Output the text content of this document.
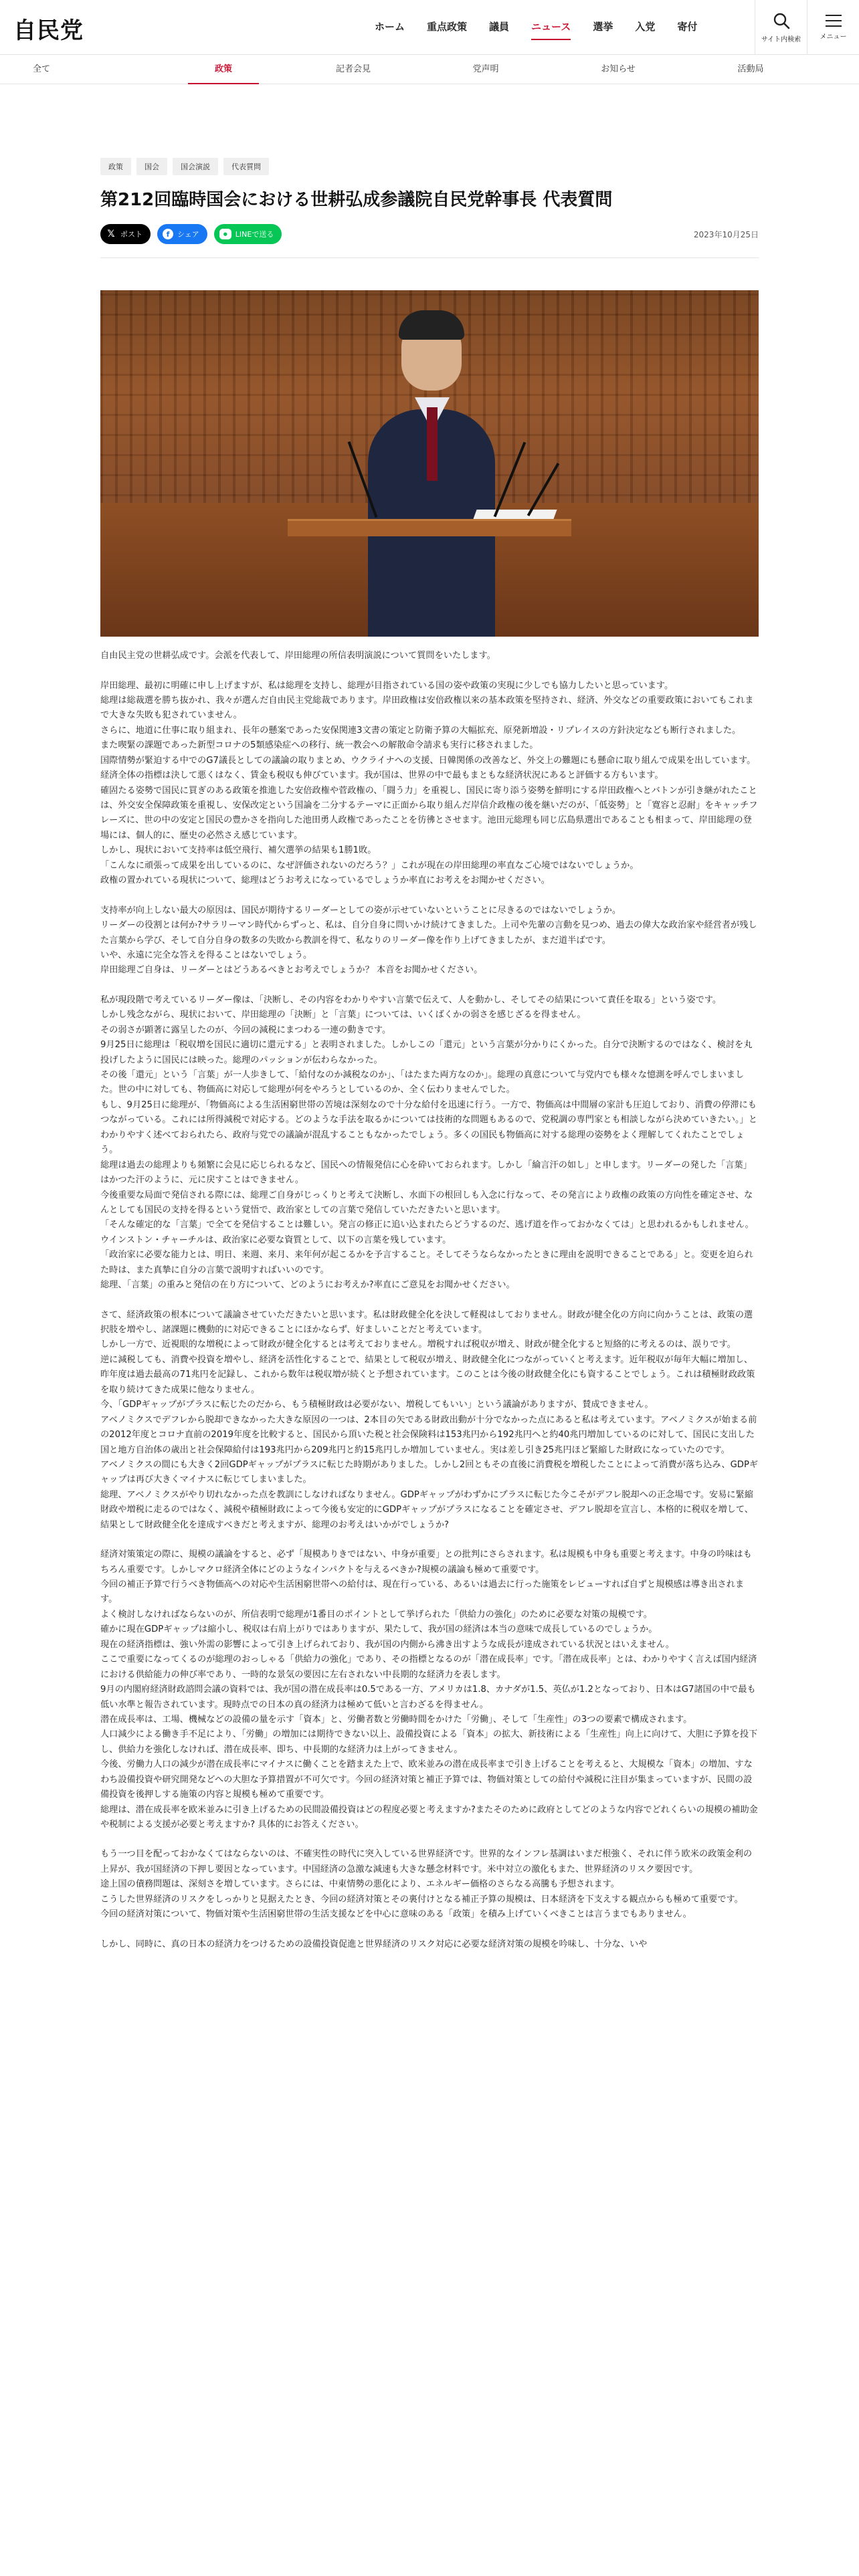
自民党	ホーム 重点政策 議員 ニュース 選挙 入党 寄付
サイト内検索	メニュー
全て	政策	記者会見	党声明	お知らせ	活動局
政策	国会	国会演説	代表質問
第212回臨時国会における世耕弘成参議院自民党幹事長 代表質問
𝕏 ポスト	f	シェア	●	LINEで送る	2023年10月25日

自由民主党の世耕弘成です。会派を代表して、岸田総理の所信表明演説について質問をいたします。

岸田総理、最初に明確に申し上げますが、私は総理を支持し、総理が目指されている国の姿や政策の実現に少しでも協力したいと思っています。
総理は総裁選を勝ち抜かれ、我々が選んだ自由民主党総裁であります。岸田政権は安倍政権以来の基本政策を堅持され、経済、外交などの重要政策においてもこれまで大きな失敗も犯されていません。
さらに、地道に仕事に取り組まれ、長年の懸案であった安保関連3文書の策定と防衛予算の大幅拡充、原発新増設・リプレイスの方針決定なども断行されました。
また喫緊の課題であった新型コロナの5類感染症への移行、統一教会への解散命令請求も実行に移されました。
国際情勢が緊迫する中でのG7議長としての議論の取りまとめ、ウクライナへの支援、日韓関係の改善など、外交上の難題にも懸命に取り組んで成果を出しています。経済全体の指標は決して悪くはなく、賃金も税収も伸びています。我が国は、世界の中で最もまともな経済状況にあると評価する方もいます。
確固たる姿勢で国民に買ぎのある政策を推進した安倍政権や菅政権の、「闘う力」を重視し、国民に寄り添う姿勢を鮮明にする岸田政権へとバトンが引き継がれたことは、外交安全保障政策を重視し、安保改定という国論を二分するテーマに正面から取り組んだ岸信介政権の後を継いだのが、「低姿勢」と「寛容と忍耐」をキャッチフレーズに、世の中の安定と国民の豊かさを指向した池田勇人政権であったことを彷彿とさせます。池田元総理も同じ広島県選出であることも相まって、岸田総理の登場には、個人的に、歴史の必然さえ感じています。
しかし、現状において支持率は低空飛行、補欠選挙の結果も1勝1敗。
「こんなに頑張って成果を出しているのに、なぜ評価されないのだろう？」これが現在の岸田総理の率直なご心境ではないでしょうか。
政権の置かれている現状について、総理はどうお考えになっているでしょうか率直にお考えをお聞かせください。

支持率が向上しない最大の原因は、国民が期待するリーダーとしての姿が示せていないということに尽きるのではないでしょうか。
リーダーの役割とは何か?サラリーマン時代からずっと、私は、自分自身に問いかけ続けてきました。上司や先輩の言動を見つめ、過去の偉大な政治家や経営者が残した言葉から学び、そして自分自身の数多の失敗から教訓を得て、私なりのリーダー像を作り上げてきましたが、まだ道半ばです。
いや、永遠に完全な答えを得ることはないでしょう。
岸田総理ご自身は、リーダーとはどうあるべきとお考えでしょうか？ 本音をお聞かせください。

私が現段階で考えているリーダー像は、「決断し、その内容をわかりやすい言葉で伝えて、人を動かし、そしてその結果について責任を取る」という姿です。
しかし残念ながら、現状において、岸田総理の「決断」と「言葉」については、いくばくかの弱さを感じざるを得ません。
その弱さが顕著に露呈したのが、今回の減税にまつわる一連の動きです。
9月25日に総理は「税収増を国民に適切に還元する」と表明されました。しかしこの「還元」という言葉が分かりにくかった。自分で決断するのではなく、検討を丸投げしたように国民には映った。総理のパッションが伝わらなかった。
その後「還元」という「言葉」が一人歩きして、「給付なのか減税なのか」、「はたまた両方なのか」。総理の真意について与党内でも様々な憶測を呼んでしまいました。世の中に対しても、物価高に対応して総理が何をやろうとしているのか、全く伝わりませんでした。
もし、9月25日に総理が、「物価高による生活困窮世帯の苦境は深刻なので十分な給付を迅速に行う。一方で、物価高は中間層の家計も圧迫しており、消費の停滞にもつながっている。これには所得減税で対応する。どのような手法を取るかについては技術的な問題もあるので、党税調の専門家とも相談しながら決めていきたい。」とわかりやすく述べておられたら、政府与党での議論が混乱することもなかったでしょう。多くの国民も物価高に対する総理の姿勢をよく理解してくれたことでしょう。
総理は過去の総理よりも頻繁に会見に応じられるなど、国民への情報発信に心を砕いておられます。しかし「綸言汗の如し」と申します。リーダーの発した「言葉」はかつた汗のように、元に戻すことはできません。
今後重要な局面で発信される際には、総理ご自身がじっくりと考えて決断し、水面下の根回しも入念に行なって、その発言により政権の政策の方向性を確定させ、なんとしても国民の支持を得るという覚悟で、政治家としての言葉で発信していただきたいと思います。
「そんな確定的な「言葉」で全てを発信することは難しい。発言の修正に追い込まれたらどうするのだ、逃げ道を作っておかなくては」と思われるかもしれません。
ウインストン・チャーチルは、政治家に必要な資質として、以下の言葉を残しています。
「政治家に必要な能力とは、明日、来週、来月、来年何が起こるかを予言すること。そしてそうならなかったときに理由を説明できることである」と。変更を迫られた時は、また真摯に自分の言葉で説明すればいいのです。
総理、「言葉」の重みと発信の在り方について、どのようにお考えか?率直にご意見をお聞かせください。

さて、経済政策の根本について議論させていただきたいと思います。私は財政健全化を決して軽視はしておりません。財政が健全化の方向に向かうことは、政策の選択肢を増やし、諸課題に機動的に対応できることにほかならず、好ましいことだと考えています。
しかし一方で、近視眼的な増税によって財政が健全化するとは考えておりません。増税すれば税収が増え、財政が健全化すると短絡的に考えるのは、誤りです。
逆に減税しても、消費や投資を増やし、経済を活性化することで、結果として税収が増え、財政健全化につながっていくと考えます。近年税収が毎年大幅に増加し、昨年度は過去最高の71兆円を記録し、これから数年は税収増が続くと予想されています。このことは今後の財政健全化にも資することでしょう。これは積極財政政策を取り続けてきた成果に他なりません。
今、「GDPギャップがプラスに転じたのだから、もう積極財政は必要がない、増税してもいい」という議論がありますが、賛成できません。
アベノミクスでデフレから脱却できなかった大きな原因の一つは、2本目の矢である財政出動が十分でなかった点にあると私は考えています。アベノミクスが始まる前の2012年度とコロナ直前の2019年度を比較すると、国民から頂いた税と社会保険料は153兆円から192兆円へと約40兆円増加しているのに対して、国民に支出した国と地方自治体の歳出と社会保障給付は193兆円から209兆円と約15兆円しか増加していません。実は差し引き25兆円ほど緊縮した財政になっていたのです。
アベノミクスの間にも大きく2回GDPギャップがプラスに転じた時期がありました。しかし2回ともその直後に消費税を増税したことによって消費が落ち込み、GDPギャップは再び大きくマイナスに転じてしまいました。
総理、アベノミクスがやり切れなかった点を教訓にしなければなりません。GDPギャップがわずかにプラスに転じた今こそがデフレ脱却への正念場です。安易に緊縮財政や増税に走るのではなく、減税や積極財政によって今後も安定的にGDPギャップがプラスになることを確定させ、デフレ脱却を宣言し、本格的に税収を増して、結果として財政健全化を達成すべきだと考えますが、総理のお考えはいかがでしょうか?

経済対策策定の際に、規模の議論をすると、必ず「規模ありきではない、中身が重要」との批判にさらされます。私は規模も中身も重要と考えます。中身の吟味はもちろん重要です。しかしマクロ経済全体にどのようなインパクトを与えるべきか?規模の議論も極めて重要です。
今回の補正予算で行うべき物価高への対応や生活困窮世帯への給付は、現在行っている、あるいは過去に行った施策をレビューすれば自ずと規模感は導き出されます。
よく検討しなければならないのが、所信表明で総理が1番目のポイントとして挙げられた「供給力の強化」のために必要な対策の規模です。
確かに現在GDPギャップは縮小し、税収は右肩上がりではありますが、果たして、我が国の経済は本当の意味で成長しているのでしょうか。
現在の経済指標は、強い外需の影響によって引き上げられており、我が国の内側から沸き出すような成長が達成されている状況とはいえません。
ここで重要になってくるのが総理のおっしゃる「供給力の強化」であり、その指標となるのが「潜在成長率」です。「潜在成長率」とは、わかりやすく言えば国内経済における供給能力の伸び率であり、一時的な景気の要因に左右されない中長期的な経済力を表します。
9月の内閣府経済財政諮問会議の資料では、我が国の潜在成長率は0.5である一方、アメリカは1.8、カナダが1.5、英仏が1.2となっており、日本はG7諸国の中で最も低い水準と報告されています。現時点での日本の真の経済力は極めて低いと言わざるを得ません。
潜在成長率は、工場、機械などの設備の量を示す「資本」と、労働者数と労働時間をかけた「労働」、そして「生産性」の3つの要素で構成されます。
人口減少による働き手不足により、「労働」の増加には期待できない以上、設備投資による「資本」の拡大、新技術による「生産性」向上に向けて、大胆に予算を投下し、供給力を強化しなければ、潜在成長率、即ち、中長期的な経済力は上がってきません。
今後、労働力人口の減少が潜在成長率にマイナスに働くことを踏まえた上で、欧米並みの潜在成長率まで引き上げることを考えると、大規模な「資本」の増加、すなわち設備投資や研究開発などへの大胆な予算措置が不可欠です。今回の経済対策と補正予算では、物価対策としての給付や減税に注目が集まっていますが、民間の設備投資を後押しする施策の内容と規模も極めて重要です。
総理は、潜在成長率を欧米並みに引き上げるための民間設備投資はどの程度必要と考えますか?またそのために政府としてどのような内容でどれくらいの規模の補助金や税制による支援が必要と考えますか? 具体的にお答えください。

もう一つ目を配っておかなくてはならないのは、不確実性の時代に突入している世界経済です。世界的なインフレ基調はいまだ根強く、それに伴う欧米の政策金利の上昇が、我が国経済の下押し要因となっています。中国経済の急激な減速も大きな懸念材料です。米中対立の激化もまた、世界経済のリスク要因です。
途上国の債務問題は、深刻さを増しています。さらには、中東情勢の悪化により、エネルギー価格のさらなる高騰も予想されます。
こうした世界経済のリスクをしっかりと見据えたとき、今回の経済対策とその裏付けとなる補正予算の規模は、日本経済を下支えする観点からも極めて重要です。
今回の経済対策について、物価対策や生活困窮世帯の生活支援などを中心に意味のある「政策」を積み上げていくべきことは言うまでもありません。

しかし、同時に、真の日本の経済力をつけるための設備投資促進と世界経済のリスク対応に必要な経済対策の規模を吟味し、十分な、いや
